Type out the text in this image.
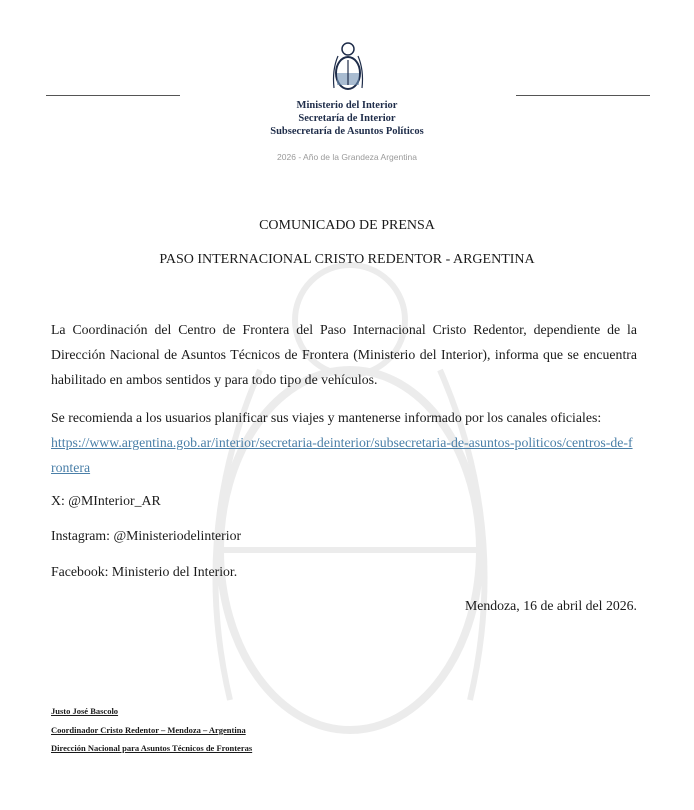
Ministerio del Interior
Secretaría de Interior
Subsecretaría de Asuntos Políticos
2026 - Año de la Grandeza Argentina
COMUNICADO DE PRENSA
PASO INTERNACIONAL CRISTO REDENTOR - ARGENTINA

La Coordinación del Centro de Frontera del Paso Internacional Cristo Redentor, dependiente de la Dirección Nacional de Asuntos Técnicos de Frontera (Ministerio del Interior), informa que se encuentra habilitado en ambos sentidos y para todo tipo de vehículos.

Se recomienda a los usuarios planificar sus viajes y mantenerse informado por los canales oficiales:
https://www.argentina.gob.ar/interior/secretaria-deinterior/subsecretaria-de-asuntos-politicos/centros-de-frontera
X: @MInterior_AR
Instagram: @Ministeriodelinterior
Facebook: Ministerio del Interior.
Mendoza, 16 de abril del 2026.
Justo José Bascolo
Coordinador Cristo Redentor – Mendoza – Argentina
Dirección Nacional para Asuntos Técnicos de Fronteras
